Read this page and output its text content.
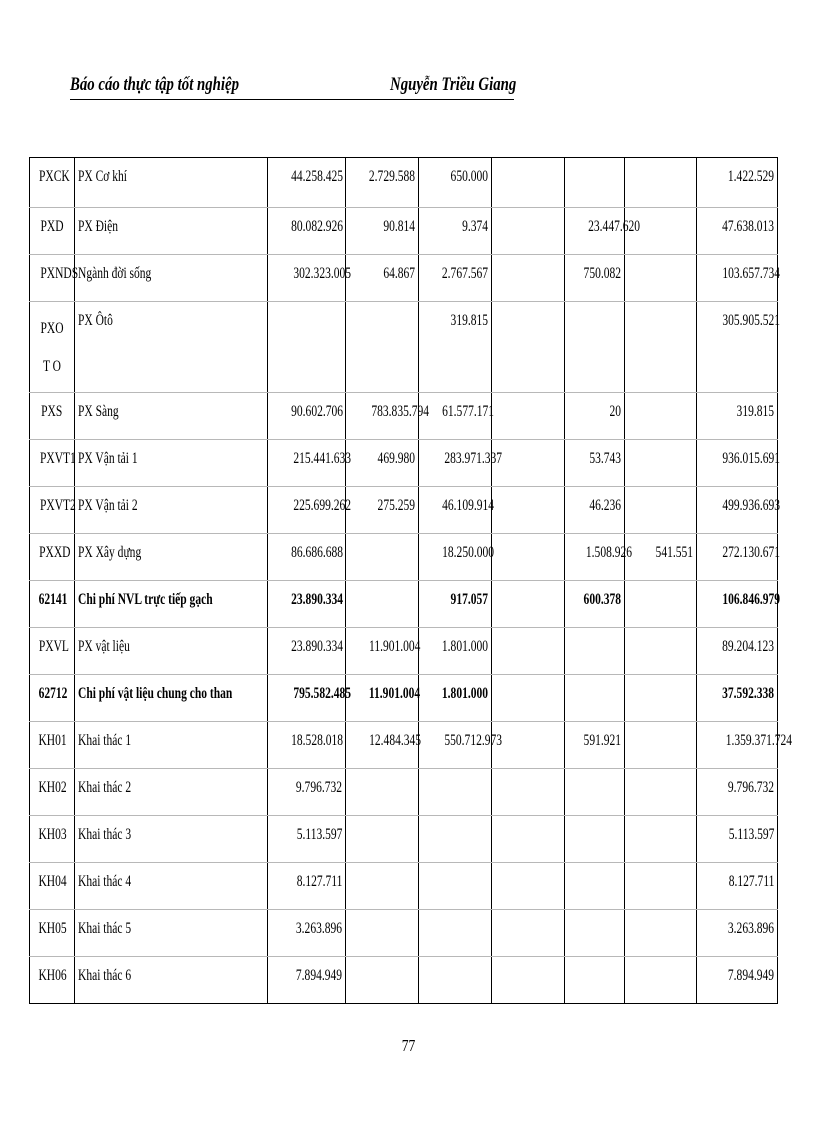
Báo cáo thực tập tốt nghiệp	Nguyễn Triều Giang
PXCK	PX Cơ khí	44.258.425	2.729.588	650.000				1.422.529
PXD	PX Điện	80.082.926	90.814	9.374		23.447.620		47.638.013
PXNDS	Ngành đời sống	302.323.005	64.867	2.767.567		750.082		103.657.734
PXOT O	PX Ôtô			319.815				305.905.521
PXS	PX Sàng	90.602.706	783.835.794	61.577.171		20		319.815
PXVT1	PX Vận tải 1	215.441.633	469.980	283.971.337		53.743		936.015.691
PXVT2	PX Vận tải 2	225.699.262	275.259	46.109.914		46.236		499.936.693
PXXD	PX Xây dựng	86.686.688		18.250.000		1.508.926	541.551	272.130.671
62141	Chi phí NVL trực tiếp gạch	23.890.334		917.057		600.378		106.846.979
PXVL	PX vật liệu	23.890.334	11.901.004	1.801.000				89.204.123
62712	Chi phí vật liệu chung cho than	795.582.485	11.901.004	1.801.000				37.592.338
KH01	Khai thác 1	18.528.018	12.484.345	550.712.973		591.921		1.359.371.724
KH02	Khai thác 2	9.796.732						9.796.732
KH03	Khai thác 3	5.113.597						5.113.597
KH04	Khai thác 4	8.127.711						8.127.711
KH05	Khai thác 5	3.263.896						3.263.896
KH06	Khai thác 6	7.894.949						7.894.949
77
